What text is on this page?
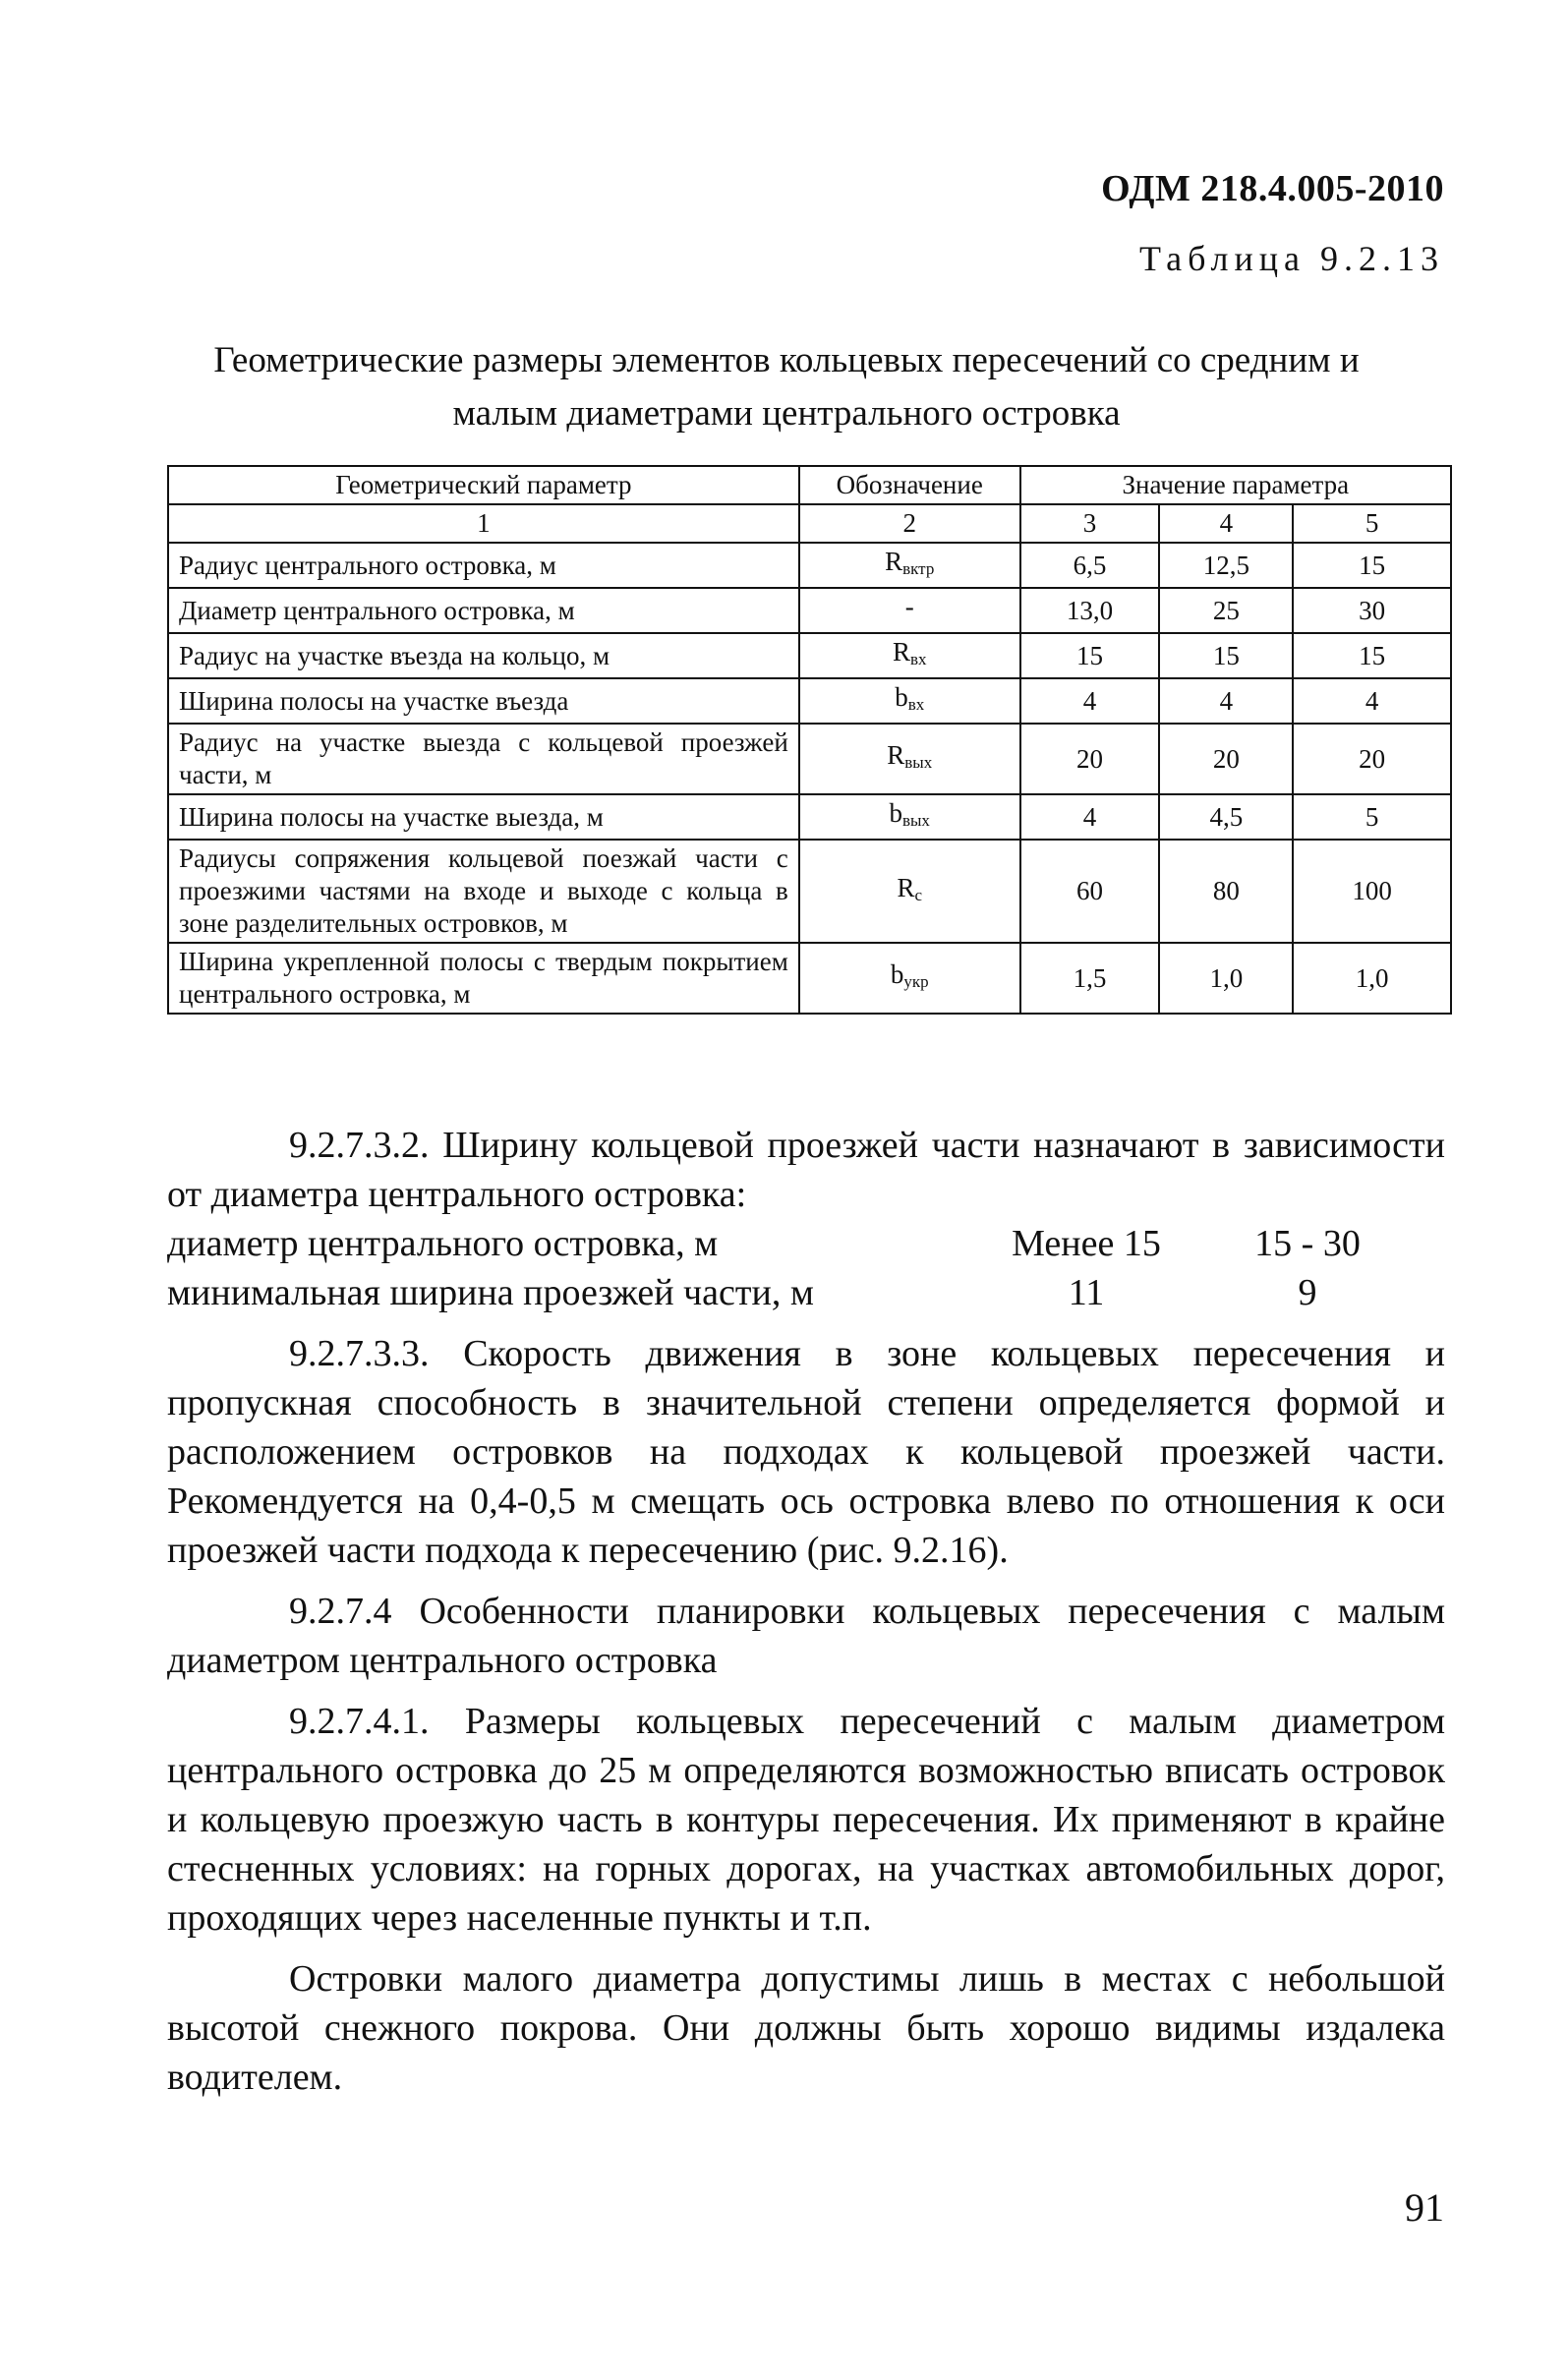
ОДМ 218.4.005-2010
Таблица 9.2.13
Геометрические размеры элементов кольцевых пересечений со средним и малым диаметрами центрального островка
Геометрический параметр	Обозначение	Значение параметра		
1	2	3	4	5
Радиус центрального островка, м	$R_{вктр}$	6,5	12,5	15
Диаметр центрального островка, м	-	13,0	25	30
Радиус на участке въезда на кольцо, м	$R_{вх}$	15	15	15
Ширина полосы на участке въезда	$b_{вх}$	4	4	4
Радиус на участке выезда с кольцевой проезжей части, м	$R_{вых}$	20	20	20
Ширина полосы на участке выезда, м	$b_{вых}$	4	4,5	5
Радиусы сопряжения кольцевой поезжай части с проезжими частями на входе и выходе с кольца в зоне разделительных островков, м	$R_c$	60	80	100
Ширина укрепленной полосы с твердым покрытием центрального островка, м	$b_{укр}$	1,5	1,0	1,0

9.2.7.3.2. Ширину кольцевой проезжей части назначают в зависимости от диаметра центрального островка:

диаметр центрального островка, м	Менее 15	15 - 30
минимальная ширина проезжей части, м	11	9

9.2.7.3.3. Скорость движения в зоне кольцевых пересечения и пропускная способность в значительной степени определяется формой и расположением островков на подходах к кольцевой проезжей части. Рекомендуется на 0,4-0,5 м смещать ось островка влево по отношения к оси проезжей части подхода к пересечению (рис. 9.2.16).

9.2.7.4 Особенности планировки кольцевых пересечения с малым диаметром центрального островка

9.2.7.4.1. Размеры кольцевых пересечений с малым диаметром центрального островка до 25 м определяются возможностью вписать островок и кольцевую проезжую часть в контуры пересечения. Их применяют в крайне стесненных условиях: на горных дорогах, на участках автомобильных дорог, проходящих через населенные пункты и т.п.

Островки малого диаметра допустимы лишь в местах с небольшой высотой снежного покрова. Они должны быть хорошо видимы издалека водителем.

91
